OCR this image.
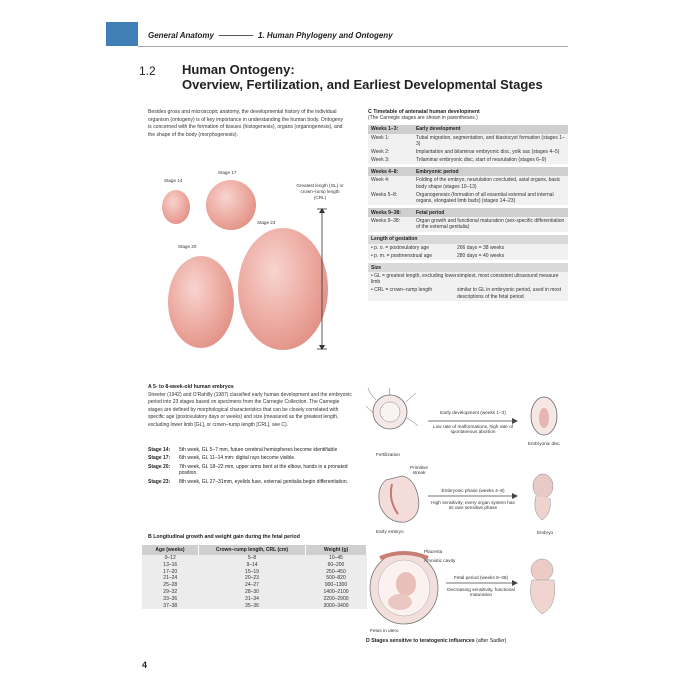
General Anatomy	1. Human Phylogeny and Ontogeny
1.2 Human Ontogeny:
Overview, Fertilization, and Earliest Developmental Stages
Besides gross and microscopic anatomy, the developmental history of the individual organism (ontogeny) is of key importance in understanding the human body. Ontogeny is concerned with the formation of tissues (histogenesis), organs (organogenesis), and the shape of the body (morphogenesis).
Stage 14
Stage 17
Stage 20
Stage 23
Greatest length (GL) or crown–rump length (CRL)
A 5- to 8-week-old human embryos
Streeter (1942) and O'Rahilly (1987) classified early human development and the embryonic period into 23 stages based on specimens from the Carnegie Collection. The Carnegie stages are defined by morphological characteristics that can be closely correlated with specific age (postovulatory days or weeks) and size (measured as the greatest length, excluding lower limb [GL], or crown–rump length [CRL], see C).
Stage 14:	5th week, GL 5–7 mm, future cerebral hemispheres become identifiable
Stage 17:	6th week, GL 11–14 mm: digital rays become visible.
Stage 20:	7th week, GL 18–22 mm, upper arms bent at the elbow, hands in a pronated position.
Stage 23:	8th week, GL 27–31mm, eyelids fuse, external genitalia begin differentiation.
B Longitudinal growth and weight gain during the fetal period
Age (weeks)	Crown–rump length, CRL (cm)	Weight (g)
9–12	5–8	10–45
13–16	9–14	60–200
17–20	15–19	250–450
21–24	20–23	500–820
25–28	24–27	900–1300
29–32	28–30	1400–2100
33–36	31–34	2200–2900
37–38	35–36	3000–3400
C Timetable of antenatal human development
(The Carnegie stages are shown in parentheses.)
Weeks 1–3:	Early development
Week 1:	Tubal migration, segmentation, and blastocyst formation (stages 1–3)
Week 2:	Implantation and bilaminar embryonic disc, yolk sac (stages 4–5)
Week 3:	Trilaminar embryonic disc, start of neurulation (stages 6–9)
Weeks 4–8:	Embryonic period
Week 4:	Folding of the embryo, neurulation concluded, axial organs, basic body shape (stages 10–13)
Weeks 5–8:	Organogenesis (formation of all essential external and internal organs, elongated limb buds) (stages 14–23)
Weeks 9–38:	Fetal period
Weeks 9–38:	Organ growth and functional maturation (sex-specific differentiation of the external genitalia)
Length of gestation
• p. o. = postovulatory age	266 days = 38 weeks
• p. m. = postmenstrual age	280 days = 40 weeks
Size
• GL = greatest length, excluding lower limb
simplest, most consistent ultrasound measure
• CRL = crown–rump length	similar to GL in embryonic period, used in most descriptions of the fetal period
Fertilization
Early development (weeks 1–3)
Low rate of malformations, high rate of spontaneous abortion
Embryonic disc
Primitive streak
Embryonic phase (weeks 4–8)
High sensitivity; every organ system has its own sensitive phase
Early embryo	Embryo
Placenta
Amniotic cavity
Fetal period (weeks 9–38)
Decreasing sensitivity, functional maturation
Fetus in utero
D Stages sensitive to teratogenic influences (after Sadler)
4
